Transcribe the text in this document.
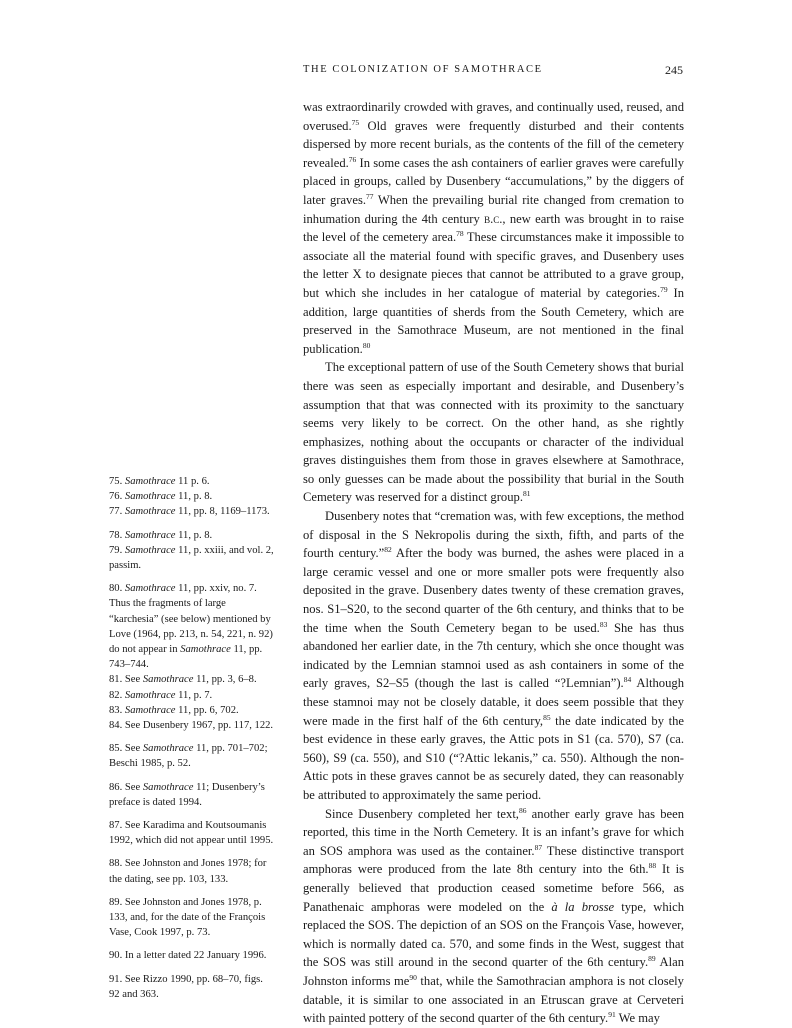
THE COLONIZATION OF SAMOTHRACE	245

was extraordinarily crowded with graves, and continually used, reused, and overused.$^{75}$ Old graves were frequently disturbed and their contents dispersed by more recent burials, as the contents of the fill of the cemetery revealed.$^{76}$ In some cases the ash containers of earlier graves were carefully placed in groups, called by Dusenbery “accumulations,” by the diggers of later graves.$^{77}$ When the prevailing burial rite changed from cremation to inhumation during the 4th century b.c., new earth was brought in to raise the level of the cemetery area.$^{78}$ These circumstances make it impossible to associate all the material found with specific graves, and Dusenbery uses the letter X to designate pieces that cannot be attributed to a grave group, but which she includes in her catalogue of material by categories.$^{79}$ In addition, large quantities of sherds from the South Cemetery, which are preserved in the Samothrace Museum, are not mentioned in the final publication.$^{80}$

The exceptional pattern of use of the South Cemetery shows that burial there was seen as especially important and desirable, and Dusenbery’s assumption that that was connected with its proximity to the sanctuary seems very likely to be correct. On the other hand, as she rightly emphasizes, nothing about the occupants or character of the individual graves distinguishes them from those in graves elsewhere at Samothrace, so only guesses can be made about the possibility that burial in the South Cemetery was reserved for a distinct group.$^{81}$

Dusenbery notes that “cremation was, with few exceptions, the method of disposal in the S Nekropolis during the sixth, fifth, and parts of the fourth century.”$^{82}$ After the body was burned, the ashes were placed in a large ceramic vessel and one or more smaller pots were frequently also deposited in the grave. Dusenbery dates twenty of these cremation graves, nos. S1–S20, to the second quarter of the 6th century, and thinks that to be the time when the South Cemetery began to be used.$^{83}$ She has thus abandoned her earlier date, in the 7th century, which she once thought was indicated by the Lemnian stamnoi used as ash containers in some of the early graves, S2–S5 (though the last is called “?Lemnian”).$^{84}$ Although these stamnoi may not be closely datable, it does seem possible that they were made in the first half of the 6th century,$^{85}$ the date indicated by the best evidence in these early graves, the Attic pots in S1 (ca. 570), S7 (ca. 560), S9 (ca. 550), and S10 (“?Attic lekanis,” ca. 550). Although the non-Attic pots in these graves cannot be as securely dated, they can reasonably be attributed to approximately the same period.

Since Dusenbery completed her text,$^{86}$ another early grave has been reported, this time in the North Cemetery. It is an infant’s grave for which an SOS amphora was used as the container.$^{87}$ These distinctive transport amphoras were produced from the late 8th century into the 6th.$^{88}$ It is generally believed that production ceased sometime before 566, as Panathenaic amphoras were modeled on the à la brosse type, which replaced the SOS. The depiction of an SOS on the François Vase, however, which is normally dated ca. 570, and some finds in the West, suggest that the SOS was still around in the second quarter of the 6th century.$^{89}$ Alan Johnston informs $me^{90}$ that, while the Samothracian amphora is not closely datable, it is similar to one associated in an Etruscan grave at Cerveteri with painted pottery of the second quarter of the 6th century.$^{91}$ We may

75. Samothrace 11 p. 6.

76. Samothrace 11, p. 8.

77. Samothrace 11, pp. 8, 1169–1173.

78. Samothrace 11, p. 8.

79. Samothrace 11, p. xxiii, and vol. 2, passim.

80. Samothrace 11, pp. xxiv, no. 7. Thus the fragments of large “karchesia” (see below) mentioned by Love (1964, pp. 213, n. 54, 221, n. 92) do not appear in Samothrace 11, pp. 743–744.

81. See Samothrace 11, pp. 3, 6–8.

82. Samothrace 11, p. 7.

83. Samothrace 11, pp. 6, 702.

84. See Dusenbery 1967, pp. 117, 122.

85. See Samothrace 11, pp. 701–702; Beschi 1985, p. 52.

86. See Samothrace 11; Dusenbery’s preface is dated 1994.

87. See Karadima and Koutsoumanis 1992, which did not appear until 1995.

88. See Johnston and Jones 1978; for the dating, see pp. 103, 133.

89. See Johnston and Jones 1978, p. 133, and, for the date of the François Vase, Cook 1997, p. 73.

90. In a letter dated 22 January 1996.

91. See Rizzo 1990, pp. 68–70, figs. 92 and 363.
